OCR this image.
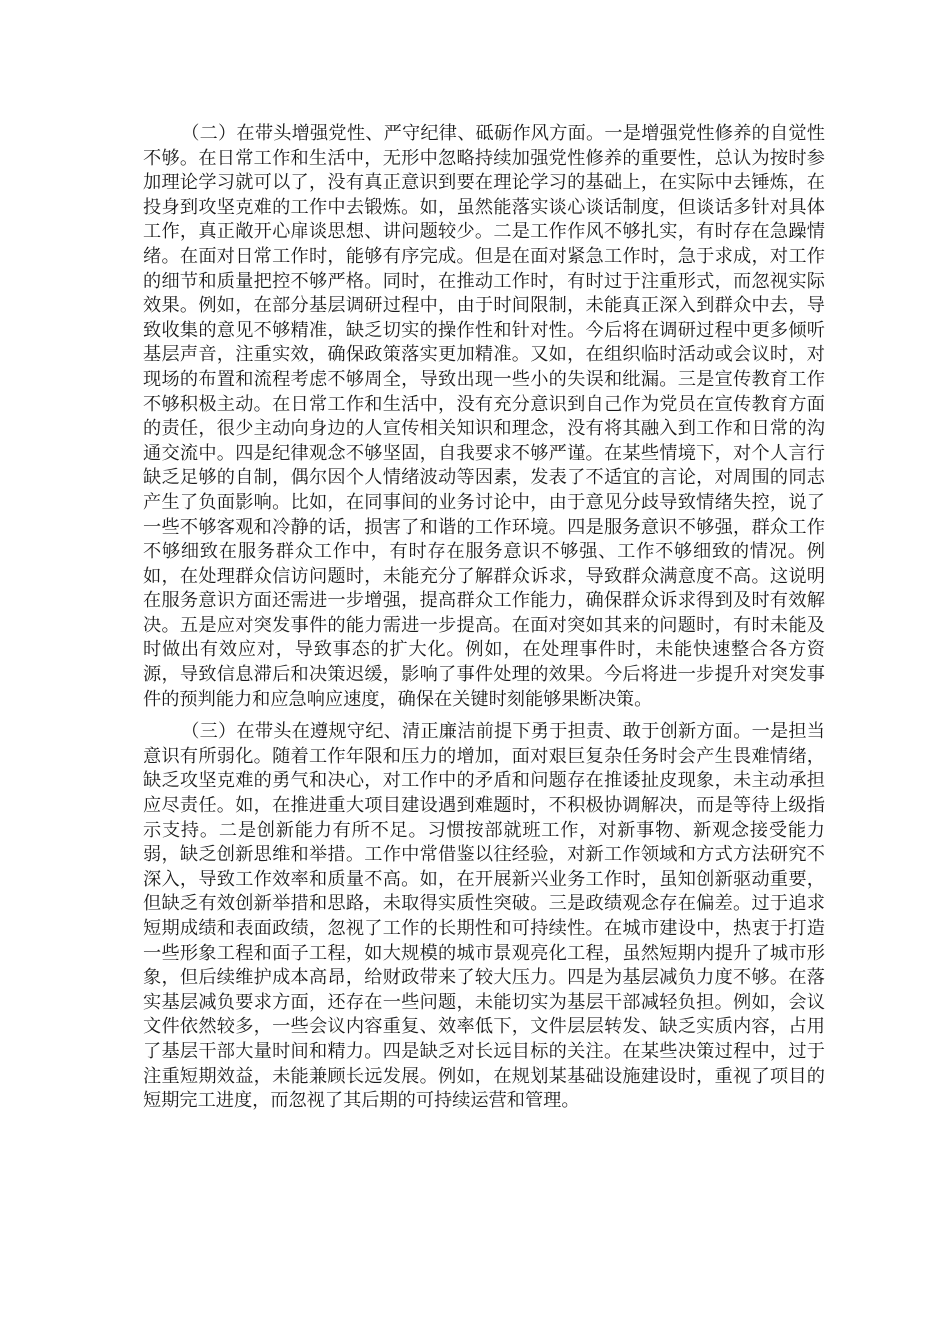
（二）在带头增强党性、严守纪律、砥砺作风方面。一是增强党性修养的自觉性不够。在日常工作和生活中，无形中忽略持续加强党性修养的重要性，总认为按时参加理论学习就可以了，没有真正意识到要在理论学习的基础上，在实际中去锤炼，在投身到攻坚克难的工作中去锻炼。如，虽然能落实谈心谈话制度，但谈话多针对具体工作，真正敞开心扉谈思想、讲问题较少。二是工作作风不够扎实，有时存在急躁情绪。在面对日常工作时，能够有序完成。但是在面对紧急工作时，急于求成，对工作的细节和质量把控不够严格。同时，在推动工作时，有时过于注重形式，而忽视实际效果。例如，在部分基层调研过程中，由于时间限制，未能真正深入到群众中去，导致收集的意见不够精准，缺乏切实的操作性和针对性。今后将在调研过程中更多倾听基层声音，注重实效，确保政策落实更加精准。又如，在组织临时活动或会议时，对现场的布置和流程考虑不够周全，导致出现一些小的失误和纰漏。三是宣传教育工作不够积极主动。在日常工作和生活中，没有充分意识到自己作为党员在宣传教育方面的责任，很少主动向身边的人宣传相关知识和理念，没有将其融入到工作和日常的沟通交流中。四是纪律观念不够坚固，自我要求不够严谨。在某些情境下，对个人言行缺乏足够的自制，偶尔因个人情绪波动等因素，发表了不适宜的言论，对周围的同志产生了负面影响。比如，在同事间的业务讨论中，由于意见分歧导致情绪失控，说了一些不够客观和冷静的话，损害了和谐的工作环境。四是服务意识不够强，群众工作不够细致在服务群众工作中，有时存在服务意识不够强、工作不够细致的情况。例如，在处理群众信访问题时，未能充分了解群众诉求，导致群众满意度不高。这说明在服务意识方面还需进一步增强，提高群众工作能力，确保群众诉求得到及时有效解决。五是应对突发事件的能力需进一步提高。在面对突如其来的问题时，有时未能及时做出有效应对，导致事态的扩大化。例如，在处理事件时，未能快速整合各方资源，导致信息滞后和决策迟缓，影响了事件处理的效果。今后将进一步提升对突发事件的预判能力和应急响应速度，确保在关键时刻能够果断决策。

（三）在带头在遵规守纪、清正廉洁前提下勇于担责、敢于创新方面。一是担当意识有所弱化。随着工作年限和压力的增加，面对艰巨复杂任务时会产生畏难情绪，缺乏攻坚克难的勇气和决心，对工作中的矛盾和问题存在推诿扯皮现象，未主动承担应尽责任。如，在推进重大项目建设遇到难题时，不积极协调解决，而是等待上级指示支持。二是创新能力有所不足。习惯按部就班工作，对新事物、新观念接受能力弱，缺乏创新思维和举措。工作中常借鉴以往经验，对新工作领域和方式方法研究不深入，导致工作效率和质量不高。如，在开展新兴业务工作时，虽知创新驱动重要，但缺乏有效创新举措和思路，未取得实质性突破。三是政绩观念存在偏差。过于追求短期成绩和表面政绩，忽视了工作的长期性和可持续性。在城市建设中，热衷于打造一些形象工程和面子工程，如大规模的城市景观亮化工程，虽然短期内提升了城市形象，但后续维护成本高昂，给财政带来了较大压力。四是为基层减负力度不够。在落实基层减负要求方面，还存在一些问题，未能切实为基层干部减轻负担。例如，会议文件依然较多，一些会议内容重复、效率低下，文件层层转发、缺乏实质内容，占用了基层干部大量时间和精力。四是缺乏对长远目标的关注。在某些决策过程中，过于注重短期效益，未能兼顾长远发展。例如，在规划某基础设施建设时，重视了项目的短期完工进度，而忽视了其后期的可持续运营和管理。
